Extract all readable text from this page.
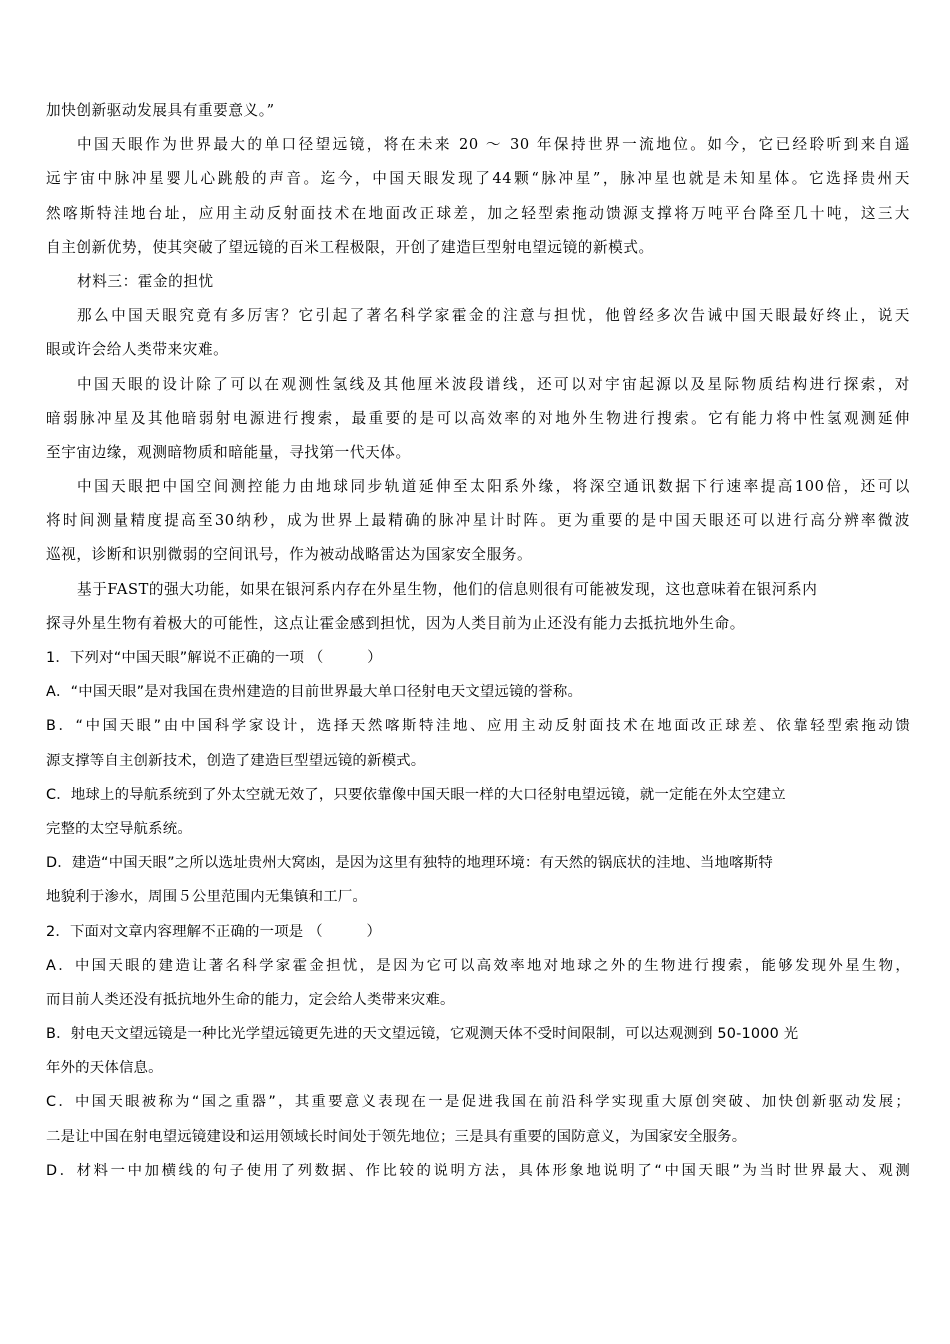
加快创新驱动发展具有重要意义。”
中国天眼作为世界最大的单口径望远镜，将在未来 20 ～ 30 年保持世界一流地位。如今，它已经聆听到来自遥
远宇宙中脉冲星婴儿心跳般的声音。迄今，中国天眼发现了44颗“脉冲星”，脉冲星也就是未知星体。它选择贵州天
然喀斯特洼地台址，应用主动反射面技术在地面改正球差，加之轻型索拖动馈源支撑将万吨平台降至几十吨，这三大
自主创新优势，使其突破了望远镜的百米工程极限，开创了建造巨型射电望远镜的新模式。
材料三：霍金的担忧
那么中国天眼究竟有多厉害？它引起了著名科学家霍金的注意与担忧，他曾经多次告诫中国天眼最好终止，说天
眼或许会给人类带来灾难。
中国天眼的设计除了可以在观测性氢线及其他厘米波段谱线，还可以对宇宙起源以及星际物质结构进行探索，对
暗弱脉冲星及其他暗弱射电源进行搜索，最重要的是可以高效率的对地外生物进行搜索。它有能力将中性氢观测延伸
至宇宙边缘，观测暗物质和暗能量，寻找第一代天体。
中国天眼把中国空间测控能力由地球同步轨道延伸至太阳系外缘，将深空通讯数据下行速率提高100倍，还可以
将时间测量精度提高至30纳秒，成为世界上最精确的脉冲星计时阵。更为重要的是中国天眼还可以进行高分辨率微波
巡视，诊断和识别微弱的空间讯号，作为被动战略雷达为国家安全服务。
基于FAST的强大功能，如果在银河系内存在外星生物，他们的信息则很有可能被发现，这也意味着在银河系内
探寻外星生物有着极大的可能性，这点让霍金感到担忧，因为人类目前为止还没有能力去抵抗地外生命。
1．下列对“中国天眼”解说不正确的一项 （　　　）
A．“中国天眼”是对我国在贵州建造的目前世界最大单口径射电天文望远镜的誉称。
B．“中国天眼”由中国科学家设计，选择天然喀斯特洼地、应用主动反射面技术在地面改正球差、依靠轻型索拖动馈
源支撑等自主创新技术，创造了建造巨型望远镜的新模式。
C．地球上的导航系统到了外太空就无效了，只要依靠像中国天眼一样的大口径射电望远镜，就一定能在外太空建立
完整的太空导航系统。
D．建造“中国天眼”之所以选址贵州大窝凼，是因为这里有独特的地理环境：有天然的锅底状的洼地、当地喀斯特
地貌利于渗水，周围５公里范围内无集镇和工厂。
2．下面对文章内容理解不正确的一项是 （　　　）
A．中国天眼的建造让著名科学家霍金担忧，是因为它可以高效率地对地球之外的生物进行搜索，能够发现外星生物，
而目前人类还没有抵抗地外生命的能力，定会给人类带来灾难。
B．射电天文望远镜是一种比光学望远镜更先进的天文望远镜，它观测天体不受时间限制，可以达观测到 50-1000 光
年外的天体信息。
C．中国天眼被称为“国之重器”，其重要意义表现在一是促进我国在前沿科学实现重大原创突破、加快创新驱动发展；
二是让中国在射电望远镜建设和运用领域长时间处于领先地位；三是具有重要的国防意义，为国家安全服务。
D．材料一中加横线的句子使用了列数据、作比较的说明方法，具体形象地说明了“中国天眼”为当时世界最大、观测
